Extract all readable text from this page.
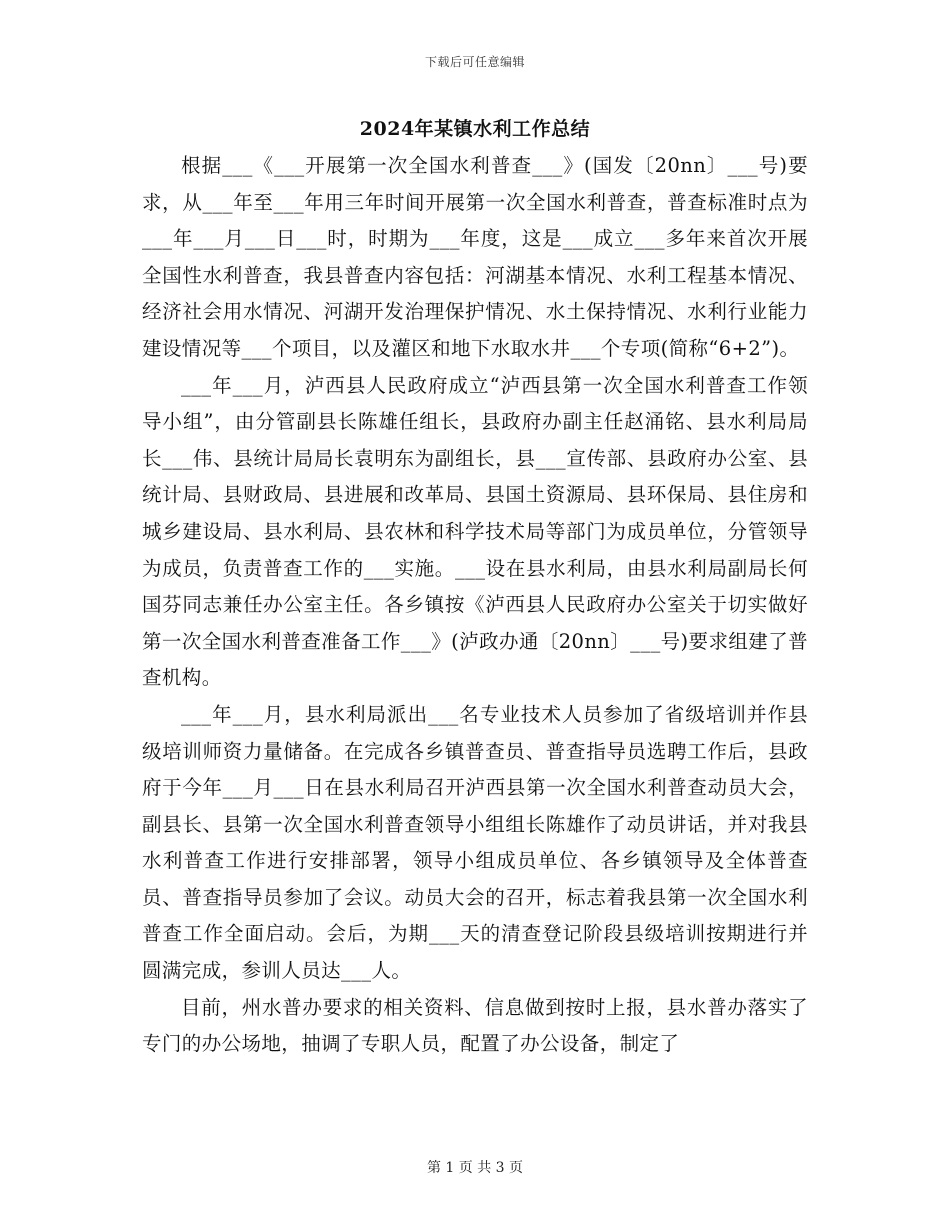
下载后可任意编辑
2024年某镇水利工作总结

根据___《___开展第一次全国水利普查___》(国发〔20nn〕___号)要求，从___年至___年用三年时间开展第一次全国水利普查，普查标准时点为___年___月___日___时，时期为___年度，这是___成立___多年来首次开展全国性水利普查，我县普查内容包括：河湖基本情况、水利工程基本情况、经济社会用水情况、河湖开发治理保护情况、水土保持情况、水利行业能力建设情况等___个项目，以及灌区和地下水取水井___个专项(简称“6+2”)。

___年___月，泸西县人民政府成立“泸西县第一次全国水利普查工作领导小组”，由分管副县长陈雄任组长，县政府办副主任赵涌铭、县水利局局长___伟、县统计局局长袁明东为副组长，县___宣传部、县政府办公室、县统计局、县财政局、县进展和改革局、县国土资源局、县环保局、县住房和城乡建设局、县水利局、县农林和科学技术局等部门为成员单位，分管领导为成员，负责普查工作的___实施。___设在县水利局，由县水利局副局长何国芬同志兼任办公室主任。各乡镇按《泸西县人民政府办公室关于切实做好第一次全国水利普查准备工作___》(泸政办通〔20nn〕___号)要求组建了普查机构。

___年___月，县水利局派出___名专业技术人员参加了省级培训并作县级培训师资力量储备。在完成各乡镇普查员、普查指导员选聘工作后，县政府于今年___月___日在县水利局召开泸西县第一次全国水利普查动员大会，副县长、县第一次全国水利普查领导小组组长陈雄作了动员讲话，并对我县水利普查工作进行安排部署，领导小组成员单位、各乡镇领导及全体普查员、普查指导员参加了会议。动员大会的召开，标志着我县第一次全国水利普查工作全面启动。会后，为期___天的清查登记阶段县级培训按期进行并圆满完成，参训人员达___人。

目前，州水普办要求的相关资料、信息做到按时上报，县水普办落实了专门的办公场地，抽调了专职人员，配置了办公设备，制定了

第 1 页 共 3 页
